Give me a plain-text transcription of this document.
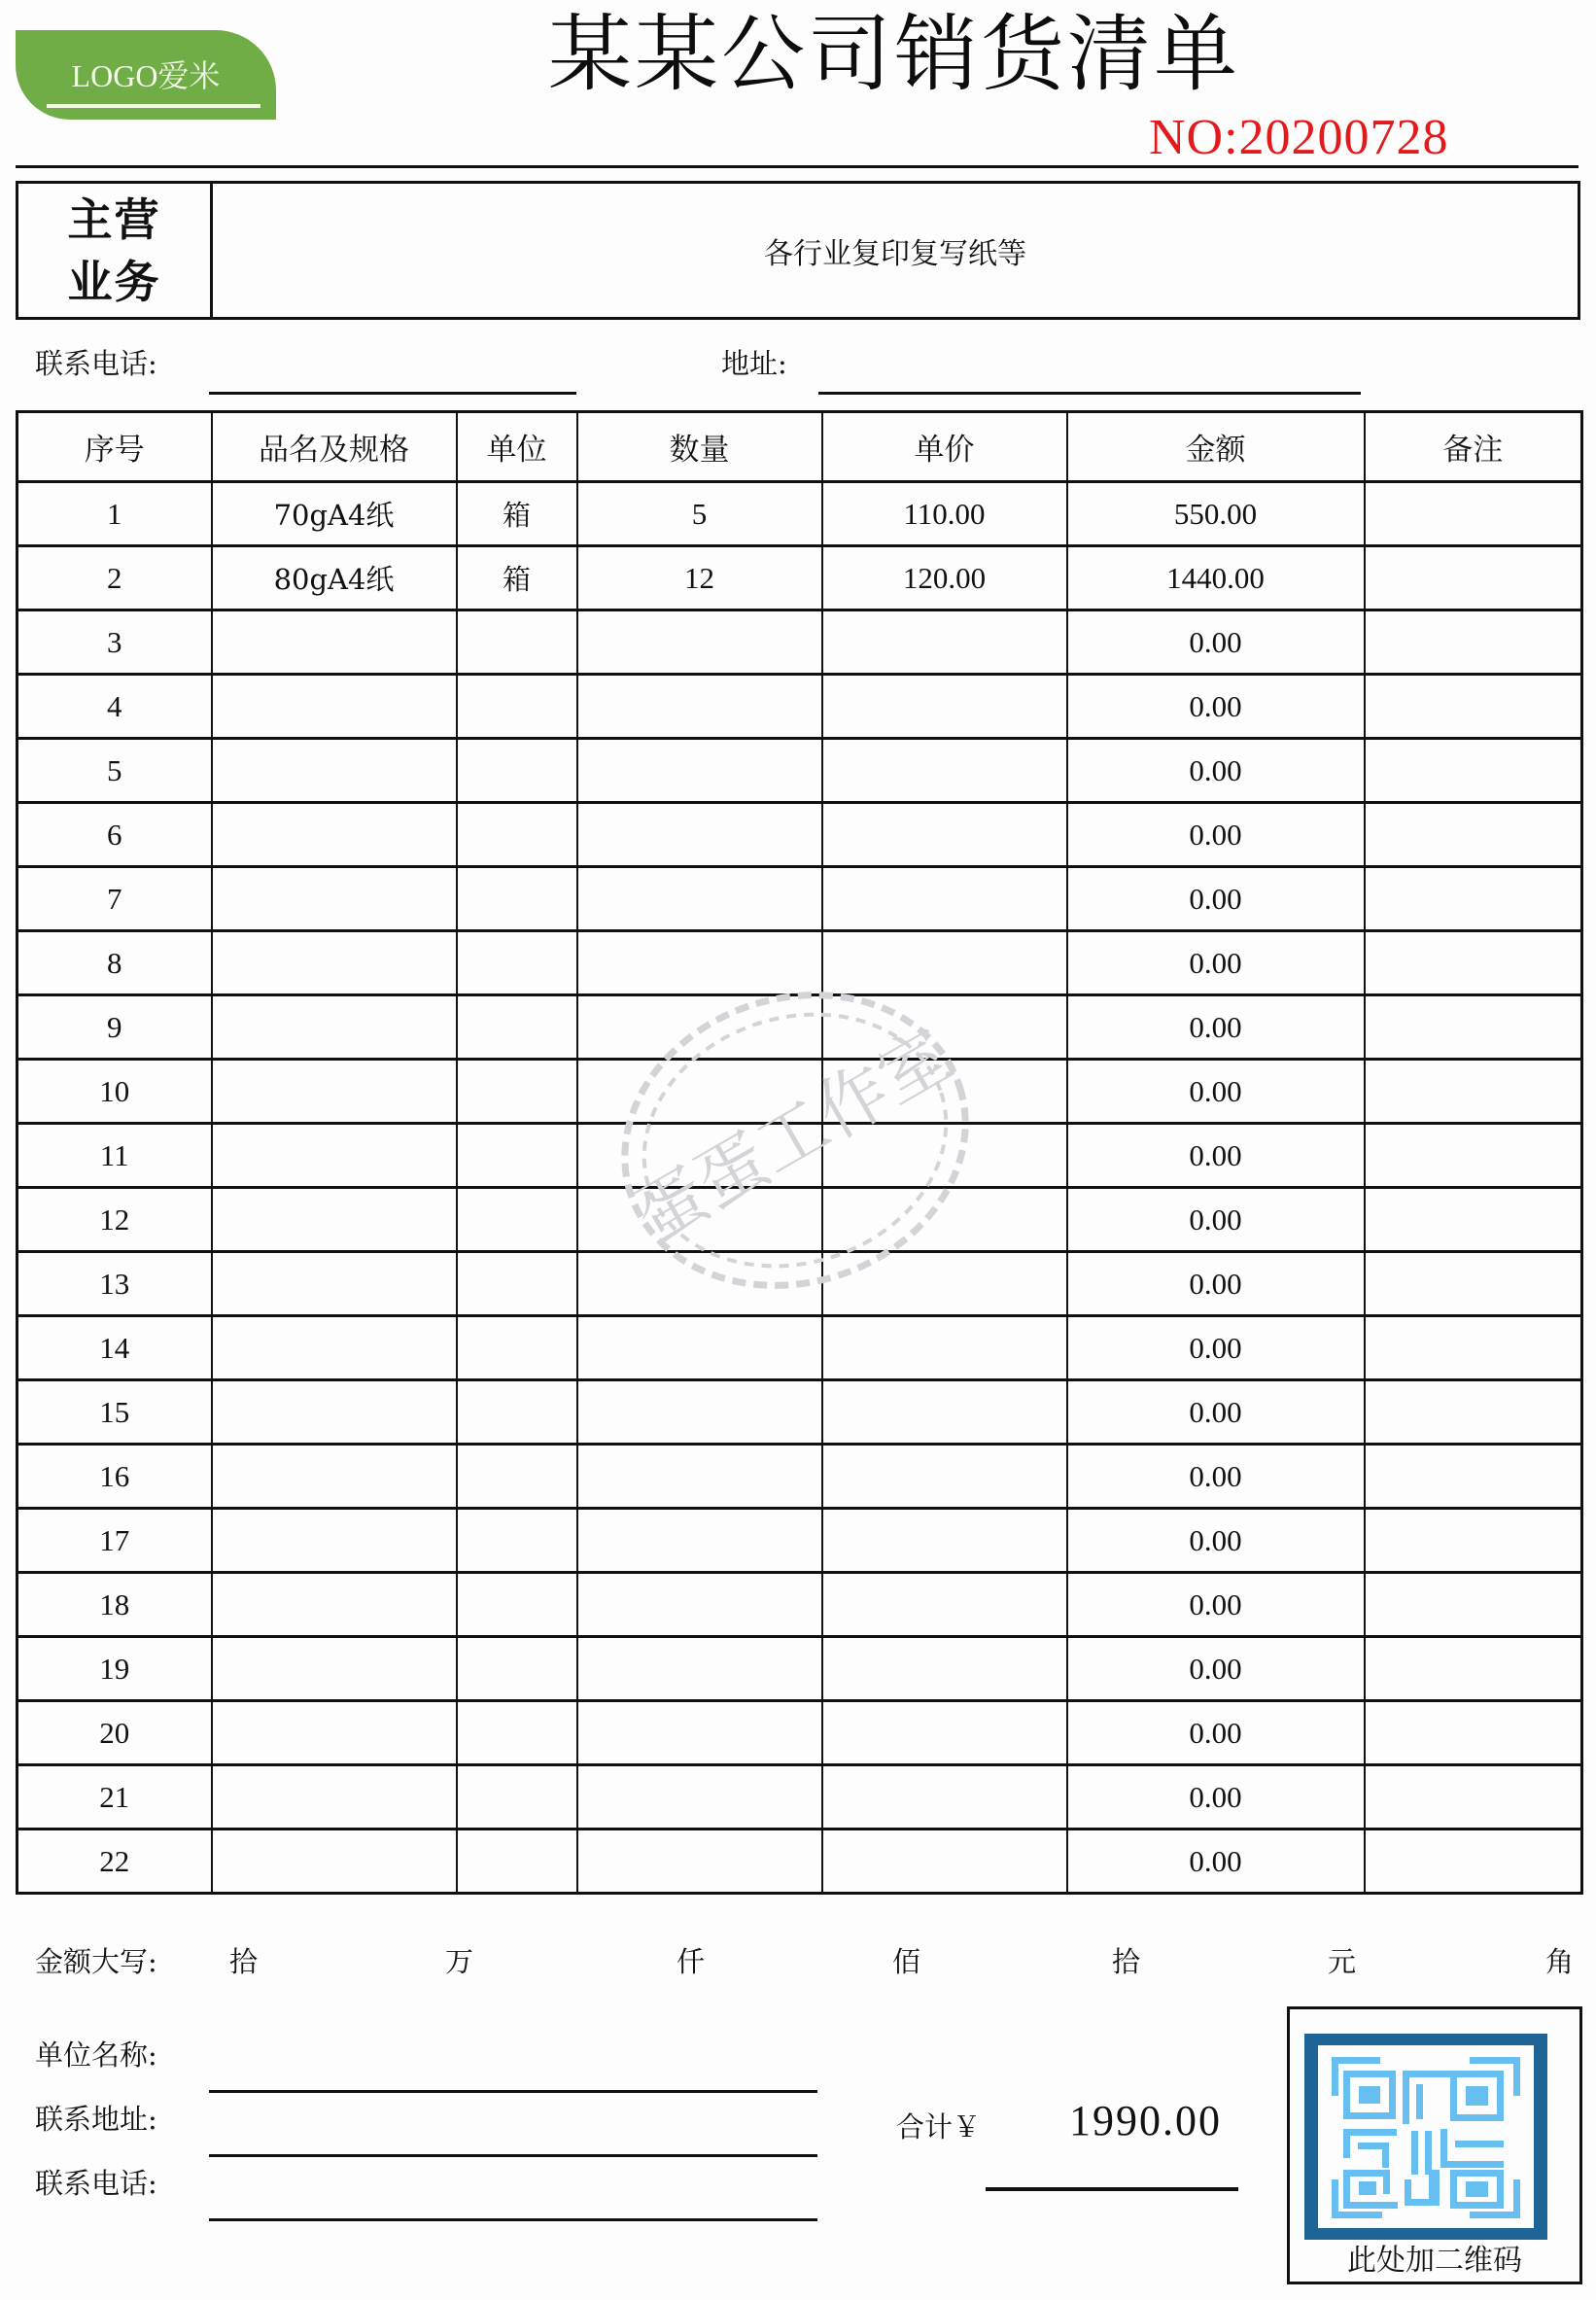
LOGO爱米	某某公司销货清单
NO:20200728
主营
业务
各行业复印复写纸等
联系电话:	地址:
序号	品名及规格	单位	数量	单价	金额	备注
1	70gA4纸	箱	5	110.00	550.00	
2	80gA4纸	箱	12	120.00	1440.00	
3					0.00	
4					0.00	
5					0.00	
6					0.00	
7					0.00	
8					0.00	
9					0.00	
10					0.00	
11					0.00	
12					0.00	
13					0.00	
14					0.00	
15					0.00	
16					0.00	
17					0.00	
18					0.00	
19					0.00	
20					0.00	
21					0.00	
22					0.00	
蛋蛋工作室
金额大写:	拾	万	仟	佰	拾	元	角
单位名称:
联系地址:
联系电话:
合计￥ 1990.00
此处加二维码
